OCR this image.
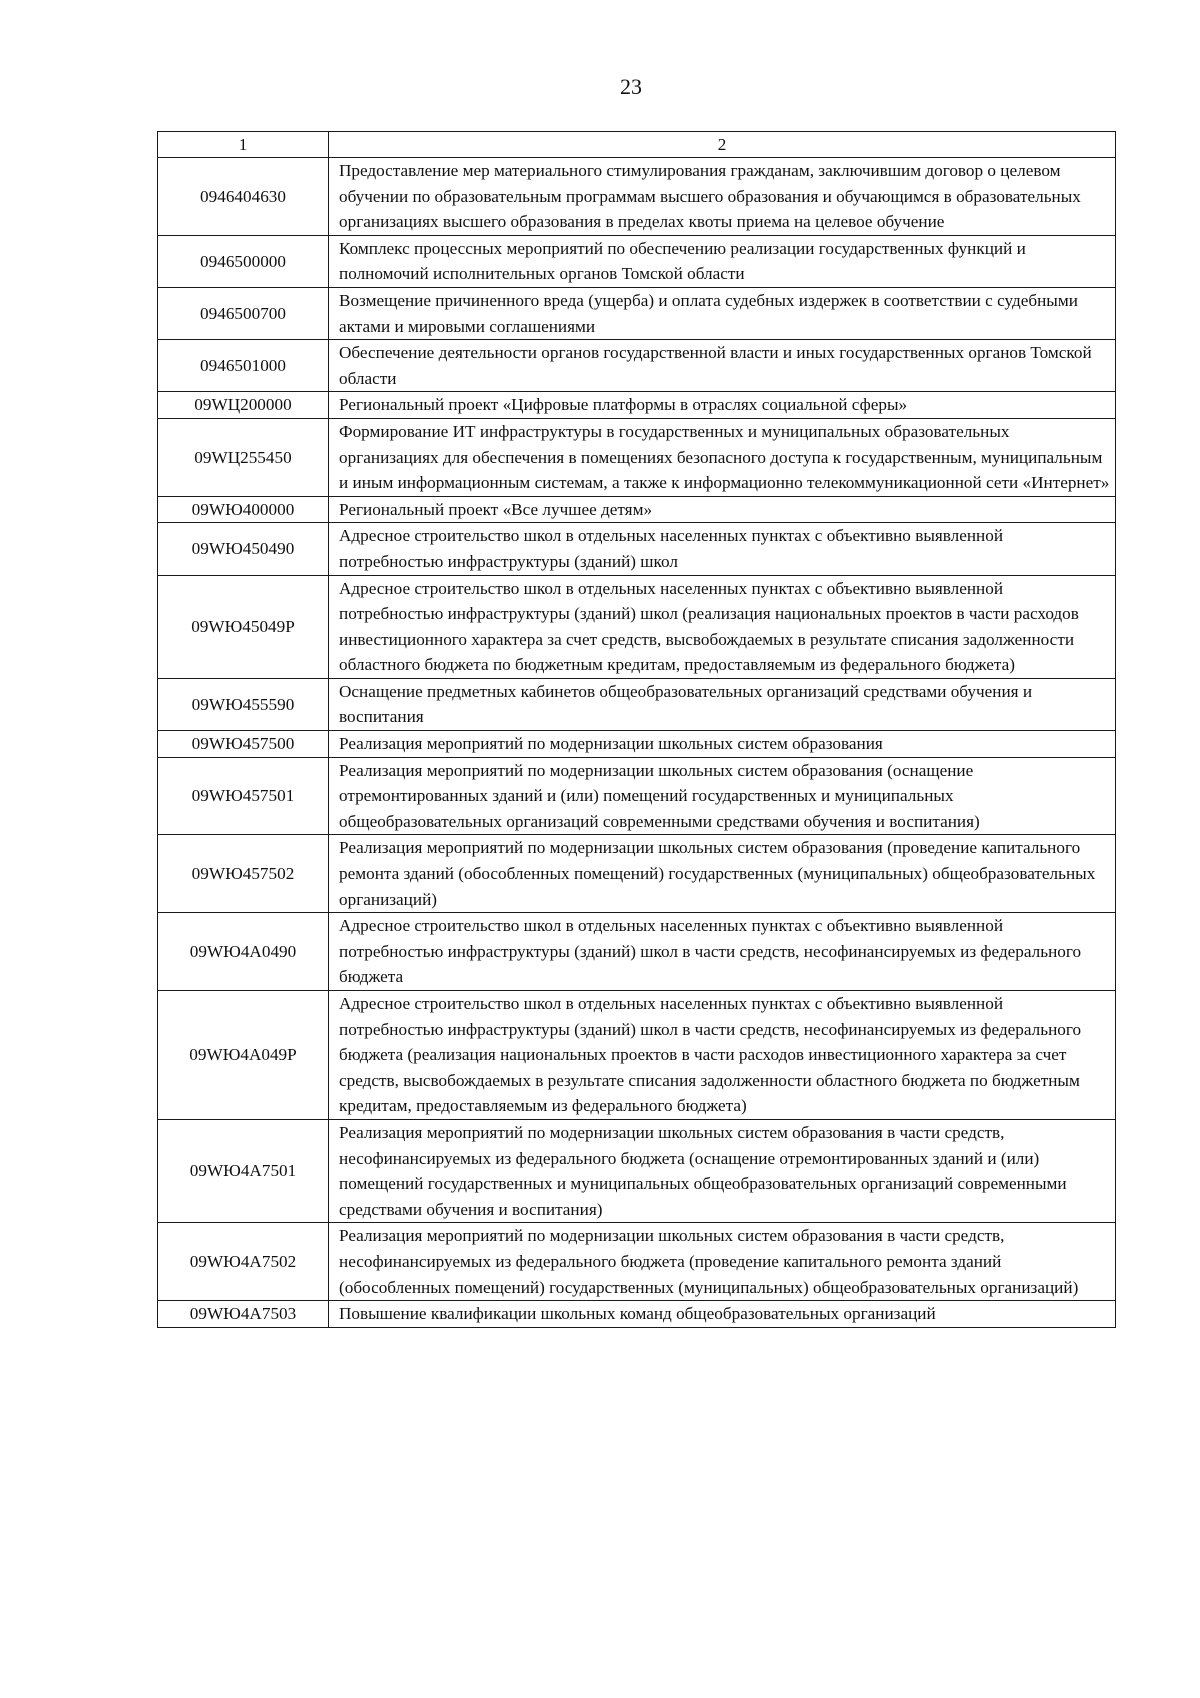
23
1	2
0946404630	Предоставление мер материального стимулирования гражданам, заключившим договор о целевом обучении по образовательным программам высшего образования и обучающимся в образовательных организациях высшего образования в пределах квоты приема на целевое обучение
0946500000	Комплекс процессных мероприятий по обеспечению реализации государственных функций и полномочий исполнительных органов Томской области
0946500700	Возмещение причиненного вреда (ущерба) и оплата судебных издержек в соответствии с судебными актами и мировыми соглашениями
0946501000	Обеспечение деятельности органов государственной власти и иных государственных органов Томской области
09WЦ200000	Региональный проект «Цифровые платформы в отраслях социальной сферы»
09WЦ255450	Формирование ИТ инфраструктуры в государственных и муниципальных образовательных организациях для обеспечения в помещениях безопасного доступа к государственным, муниципальным и иным информационным системам, а также к информационно телекоммуникационной сети «Интернет»
09WЮ400000	Региональный проект «Все лучшее детям»
09WЮ450490	Адресное строительство школ в отдельных населенных пунктах с объективно выявленной потребностью инфраструктуры (зданий) школ
09WЮ45049Р	Адресное строительство школ в отдельных населенных пунктах с объективно выявленной потребностью инфраструктуры (зданий) школ (реализация национальных проектов в части расходов инвестиционного характера за счет средств, высвобождаемых в результате списания задолженности областного бюджета по бюджетным кредитам, предоставляемым из федерального бюджета)
09WЮ455590	Оснащение предметных кабинетов общеобразовательных организаций средствами обучения и воспитания
09WЮ457500	Реализация мероприятий по модернизации школьных систем образования
09WЮ457501	Реализация мероприятий по модернизации школьных систем образования (оснащение отремонтированных зданий и (или) помещений государственных и муниципальных общеобразовательных организаций современными средствами обучения и воспитания)
09WЮ457502	Реализация мероприятий по модернизации школьных систем образования (проведение капитального ремонта зданий (обособленных помещений) государственных (муниципальных) общеобразовательных организаций)
09WЮ4А0490	Адресное строительство школ в отдельных населенных пунктах с объективно выявленной потребностью инфраструктуры (зданий) школ в части средств, несофинансируемых из федерального бюджета
09WЮ4А049Р	Адресное строительство школ в отдельных населенных пунктах с объективно выявленной потребностью инфраструктуры (зданий) школ в части средств, несофинансируемых из федерального бюджета (реализация национальных проектов в части расходов инвестиционного характера за счет средств, высвобождаемых в результате списания задолженности областного бюджета по бюджетным кредитам, предоставляемым из федерального бюджета)
09WЮ4А7501	Реализация мероприятий по модернизации школьных систем образования в части средств, несофинансируемых из федерального бюджета (оснащение отремонтированных зданий и (или) помещений государственных и муниципальных общеобразовательных организаций современными средствами обучения и воспитания)
09WЮ4А7502	Реализация мероприятий по модернизации школьных систем образования в части средств, несофинансируемых из федерального бюджета (проведение капитального ремонта зданий (обособленных помещений) государственных (муниципальных) общеобразовательных организаций)
09WЮ4А7503	Повышение квалификации школьных команд общеобразовательных организаций
